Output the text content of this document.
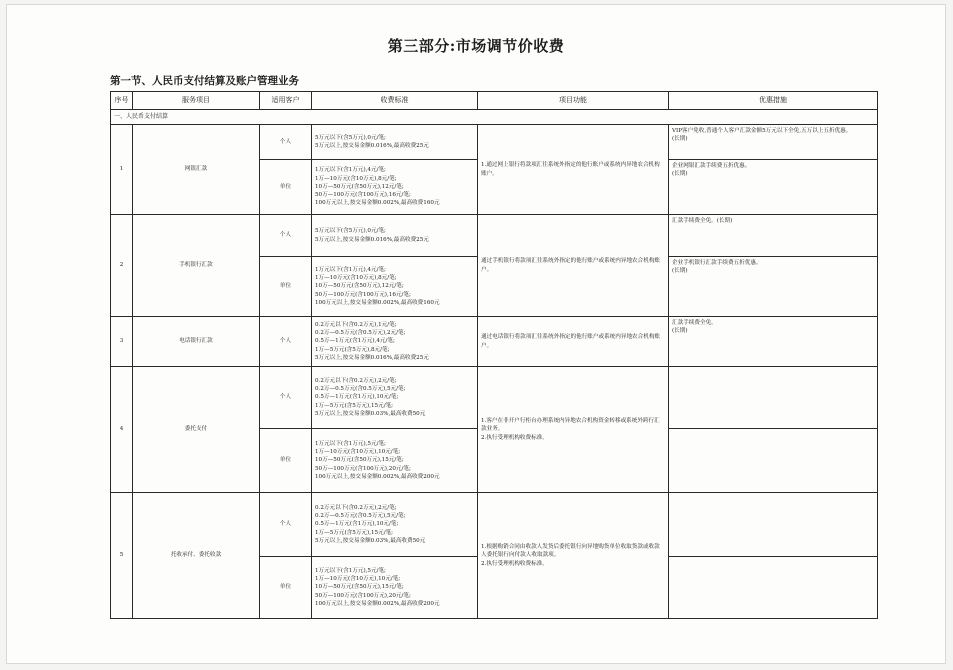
第三部分:市场调节价收费
第一节、人民币支付结算及账户管理业务
序号	服务项目	适用客户	收费标准	项目功能	优惠措施
一、人民币支付结算					
1	网银汇款	个人	5万元以下(含5万元),0元/笔;
5万元以上,按交易金额0.016%,最高收费25元	1.通过网上银行将款项汇往系统外指定的他行账户或系统内异地农合机构账户。	VIP客户免收,普通个人客户汇款金额5万元以下全免,五万以上五折优惠。
(长期)
		单位	1万元以下(含1万元),4元/笔;
1万—10万元(含10万元),8元/笔;
10万—50万元(含50万元),12元/笔;
50万—100万元(含100万元),16元/笔;
100万元以上,按交易金额0.002%,最高收费160元		企业网银汇款手续费五折优惠。
(长期)
2	手机银行汇款	个人	5万元以下(含5万元),0元/笔;
5万元以上,按交易金额0.016%,最高收费25元	通过手机银行将款项汇往系统外指定的他行账户或系统内异地农合机构账户。	汇款手续费全免。(长期)
		单位	1万元以下(含1万元),4元/笔;
1万—10万元(含10万元),8元/笔;
10万—50万元(含50万元),12元/笔;
50万—100万元(含100万元),16元/笔;
100万元以上,按交易金额0.002%,最高收费160元		企业手机银行汇款手续费五折优惠。
(长期)
3	电话银行汇款	个人	0.2万元以下(含0.2万元),1元/笔;
0.2万—0.5万元(含0.5万元),2元/笔;
0.5万—1万元(含1万元),4元/笔;
1万—5万元(含5万元),8元/笔;
5万元以上,按交易金额0.016%,最高收费25元	通过电话银行将款项汇往系统外指定的他行账户或系统内异地农合机构账户。	汇款手续费全免。
(长期)
4	委托支付	个人	0.2万元以下(含0.2万元),2元/笔;
0.2万—0.5万元(含0.5万元),5元/笔;
0.5万—1万元(含1万元),10元/笔;
1万—5万元(含5万元),15元/笔;
5万元以上,按交易金额0.03%,最高收费50元	1.客户在非开户行柜台办理系统内异地农合机构资金转移或系统外跨行汇款业务。
2.执行受理机构收费标准。	
		单位	1万元以下(含1万元),5元/笔;
1万—10万元(含10万元),10元/笔;
10万—50万元(含50万元),15元/笔;
50万—100万元(含100万元),20元/笔;
100万元以上,按交易金额0.002%,最高收费200元		
5	托收承付、委托收款	个人	0.2万元以下(含0.2万元),2元/笔;
0.2万—0.5万元(含0.5万元),5元/笔;
0.5万—1万元(含1万元),10元/笔;
1万—5万元(含5万元),15元/笔;
5万元以上,按交易金额0.03%,最高收费50元	1.根据购销合同由收款人发货后委托银行向异地购货单位收取货款或收款人委托银行向付款人收取款项。
2.执行受理机构收费标准。	
		单位	1万元以下(含1万元),5元/笔;
1万—10万元(含10万元),10元/笔;
10万—50万元(含50万元),15元/笔;
50万—100万元(含100万元),20元/笔;
100万元以上,按交易金额0.002%,最高收费200元		
